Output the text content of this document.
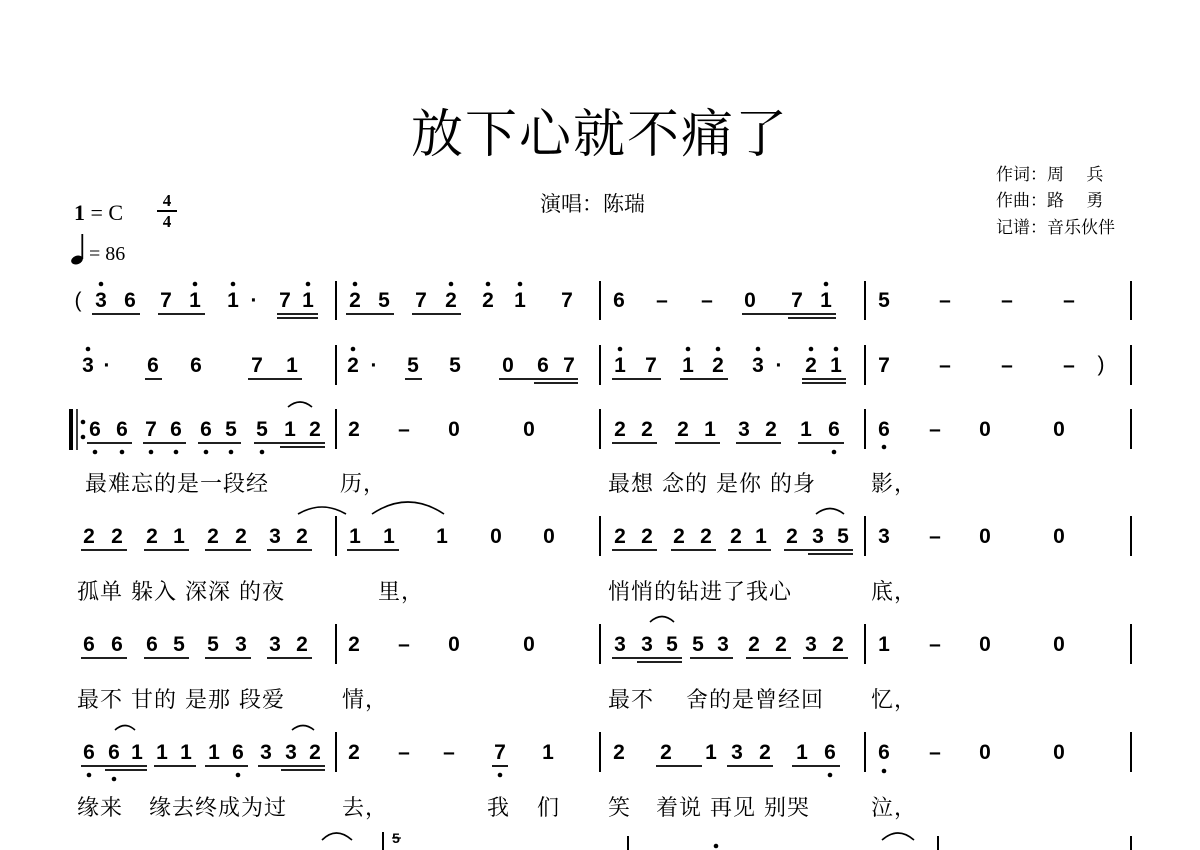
放下心就不痛了
演唱：陈瑞
作词：周　 兵
作曲：路　 勇
记谱：音乐伙伴
1 = C	4
4
= 86
(
)
3 6 7 1 1 · 7 1 2 5 7 2 2 1 7 6 – – 0 7 1 5 – – –
3 · 6 6 7 1 2 · 5 5 0 6 7 1 7 1 2 3 · 2 1 7 – – –
6 6 7 6 6 5 5 1 2 2 – 0	0	2 2 2 1 3 2 1 6 6 – 0	0
最难忘的是一段经	历，	最想 念的 是你 的身	影，
2 2 2 1 2 2 3 2 1 1 1 0 0	2 2 2 2 2 1 2 3 5 3 – 0	0
孤单 躲入 深深 的夜	里，	悄悄的钻进了我心	底，
6 6 6 5 5 3 3 2 2 – 0	0	3 3 5 5 3 2 2 3 2 1 – 0	0
最不 甘的 是那 段爱	情，	最不 舍的是曾经回 忆，
6 6 1 1 1 1 6 3 3 2 2 – – 7 1	2 2 1 3 2 1 6 6 – 0	0
缘来 缘去终成为过 去，	我 们 笑 着说 再见 别哭	泣，
5
